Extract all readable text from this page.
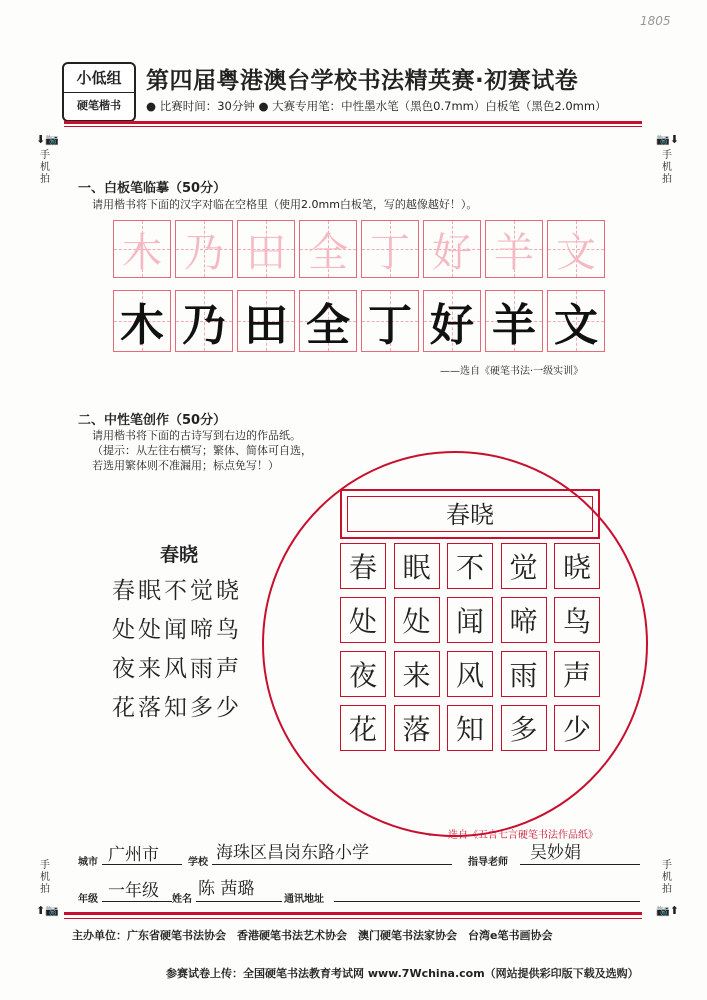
1805
小低组
硬笔楷书
第四届粤港澳台学校书法精英赛·初赛试卷
● 比赛时间：30分钟 ● 大赛专用笔：中性墨水笔（黑色0.7mm）白板笔（黑色2.0mm）
⬇📷
手机拍
📷⬇
手机拍
手机拍
⬆📷
手机拍
📷⬆
一、白板笔临摹（50分）
请用楷书将下面的汉字对临在空格里（使用2.0mm白板笔，写的越像越好！）。
木 乃 田 全 丁 好 羊 文
木 乃 田 全 丁 好 羊 文
——选自《硬笔书法·一级实训》
二、中性笔创作（50分）
请用楷书将下面的古诗写到右边的作品纸。
（提示：从左往右横写；繁体、简体可自选，
若选用繁体则不准漏用；标点免写！）
春晓
春眠不觉晓
处处闻啼鸟
夜来风雨声
花落知多少
春晓
春 眠 不 觉 晓
处 处 闻 啼 鸟
夜 来 风 雨 声
花 落 知 多 少
——选自《五言七言硬笔书法作品纸》
城市 广州市	学校 海珠区昌岗东路小学	指导老师 吴妙娟
年级 一年级 姓名
陈 茜璐
通讯地址
主办单位：广东省硬笔书法协会　香港硬笔书法艺术协会　澳门硬笔书法家协会　台湾e笔书画协会
参赛试卷上传：全国硬笔书法教育考试网 www.7Wchina.com（网站提供彩印版下载及选购）
